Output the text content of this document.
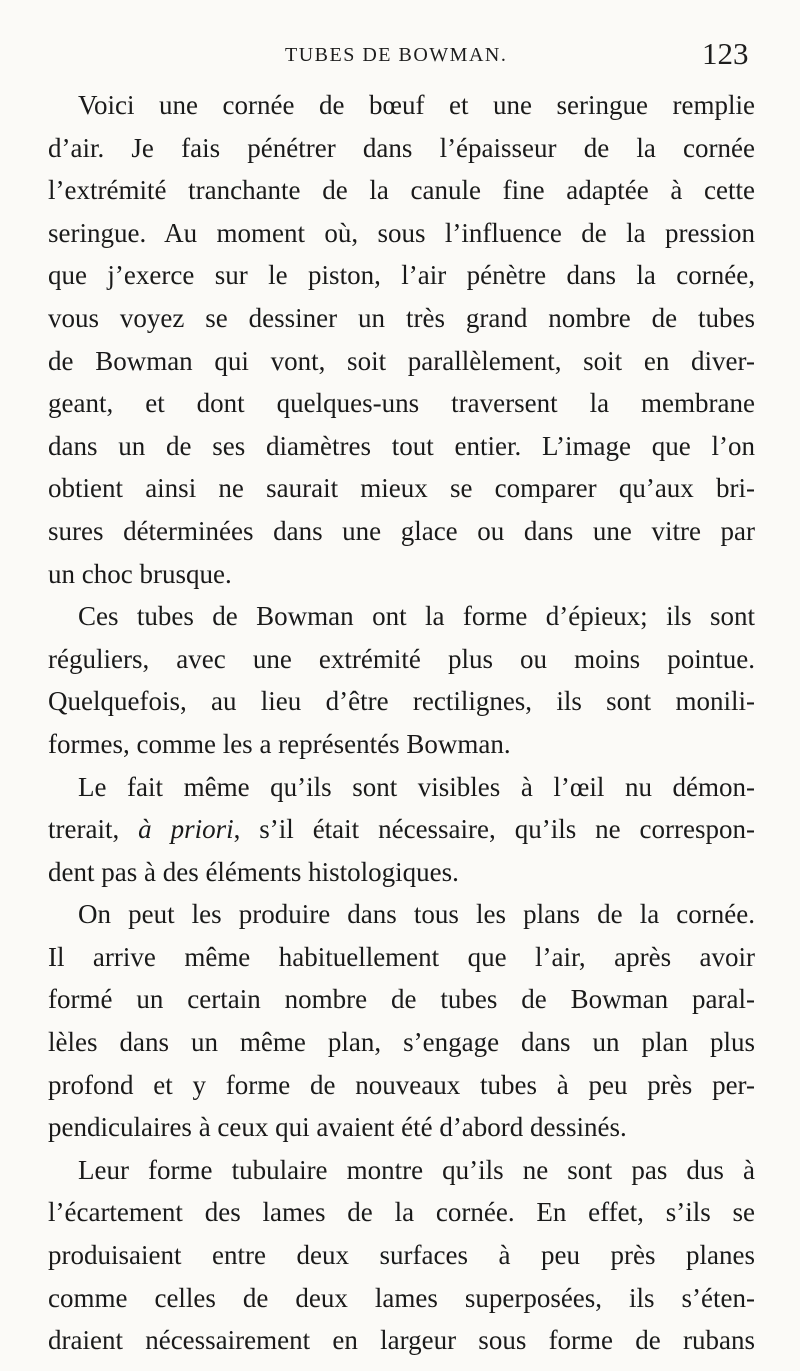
TUBES DE BOWMAN.	123
Voici une cornée de bœuf et une seringue remplie
d’air. Je fais pénétrer dans l’épaisseur de la cornée
l’extrémité tranchante de la canule fine adaptée à cette
seringue. Au moment où, sous l’influence de la pression
que j’exerce sur le piston, l’air pénètre dans la cornée,
vous voyez se dessiner un très grand nombre de tubes
de Bowman qui vont, soit parallèlement, soit en diver-
geant, et dont quelques-uns traversent la membrane
dans un de ses diamètres tout entier. L’image que l’on
obtient ainsi ne saurait mieux se comparer qu’aux bri-
sures déterminées dans une glace ou dans une vitre par
un choc brusque.
Ces tubes de Bowman ont la forme d’épieux; ils sont
réguliers, avec une extrémité plus ou moins pointue.
Quelquefois, au lieu d’être rectilignes, ils sont monili-
formes, comme les a représentés Bowman.
Le fait même qu’ils sont visibles à l’œil nu démon-
trerait, à priori, s’il était nécessaire, qu’ils ne correspon-
dent pas à des éléments histologiques.
On peut les produire dans tous les plans de la cornée.
Il arrive même habituellement que l’air, après avoir
formé un certain nombre de tubes de Bowman paral-
lèles dans un même plan, s’engage dans un plan plus
profond et y forme de nouveaux tubes à peu près per-
pendiculaires à ceux qui avaient été d’abord dessinés.
Leur forme tubulaire montre qu’ils ne sont pas dus à
l’écartement des lames de la cornée. En effet, s’ils se
produisaient entre deux surfaces à peu près planes
comme celles de deux lames superposées, ils s’éten-
draient nécessairement en largeur sous forme de rubans
